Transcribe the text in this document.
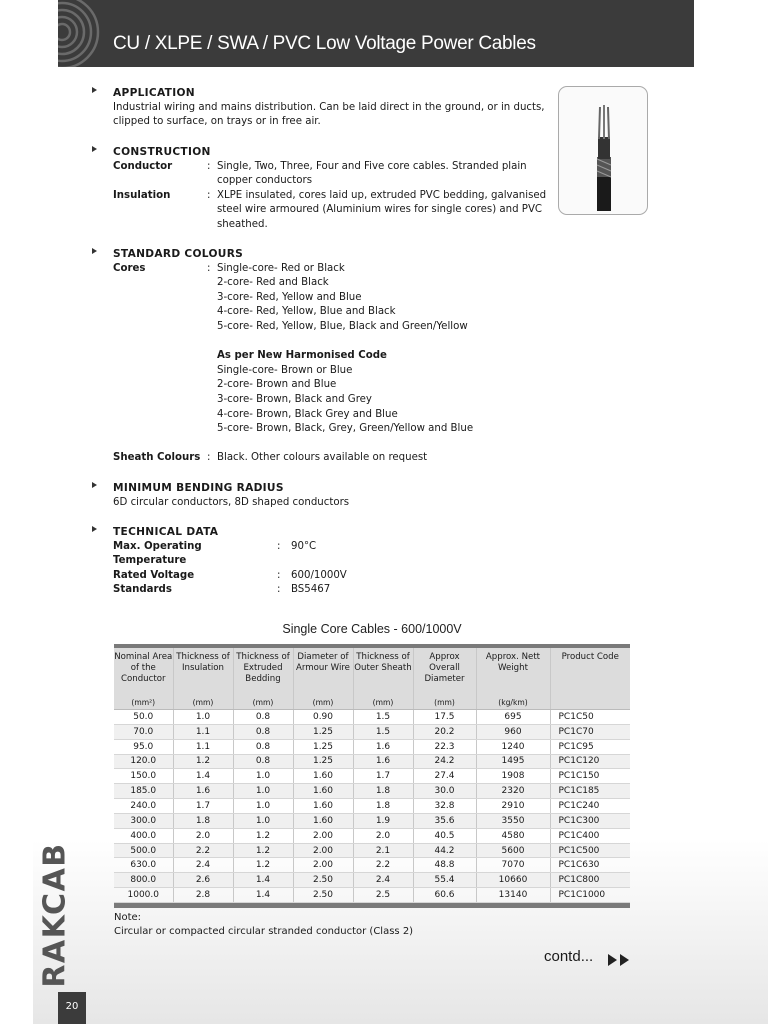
CU / XLPE / SWA / PVC Low Voltage Power Cables
APPLICATION
Industrial wiring and mains distribution. Can be laid direct in the ground, or in ducts,
clipped to surface, on trays or in free air.
CONSTRUCTION
Conductor	: Single, Two, Three, Four and Five core cables. Stranded plain copper conductors
Insulation	: XLPE insulated, cores laid up, extruded PVC bedding, galvanised steel wire armoured (Aluminium wires for single cores) and PVC sheathed.
STANDARD COLOURS
Cores	: Single-core- Red or Black
2-core- Red and Black
3-core- Red, Yellow and Blue
4-core- Red, Yellow, Blue and Black
5-core- Red, Yellow, Blue, Black and Green/Yellow
As per New Harmonised Code
Single-core- Brown or Blue
2-core- Brown and Blue
3-core- Brown, Black and Grey
4-core- Brown, Black Grey and Blue
5-core- Brown, Black, Grey, Green/Yellow and Blue
Sheath Colours : Black. Other colours available on request
MINIMUM BENDING RADIUS
6D circular conductors, 8D shaped conductors
TECHNICAL DATA
Max. Operating Temperature
:	90°C
Rated Voltage	:	600/1000V
Standards	:	BS5467
Single Core Cables - 600/1000V
Nominal Area of the Conductor	Thickness of Insulation	Thickness of Extruded Bedding	Diameter of Armour Wire	Thickness of Outer Sheath	Approx Overall Diameter	Approx. Nett Weight	Product Code
(mm²)	(mm)	(mm)	(mm)	(mm)	(mm)	(kg/km)	
50.0	1.0	0.8	0.90	1.5	17.5	695	PC1C50
70.0	1.1	0.8	1.25	1.5	20.2	960	PC1C70
95.0	1.1	0.8	1.25	1.6	22.3	1240	PC1C95
120.0	1.2	0.8	1.25	1.6	24.2	1495	PC1C120
150.0	1.4	1.0	1.60	1.7	27.4	1908	PC1C150
185.0	1.6	1.0	1.60	1.8	30.0	2320	PC1C185
240.0	1.7	1.0	1.60	1.8	32.8	2910	PC1C240
300.0	1.8	1.0	1.60	1.9	35.6	3550	PC1C300
400.0	2.0	1.2	2.00	2.0	40.5	4580	PC1C400
500.0	2.2	1.2	2.00	2.1	44.2	5600	PC1C500
630.0	2.4	1.2	2.00	2.2	48.8	7070	PC1C630
800.0	2.6	1.4	2.50	2.4	55.4	10660	PC1C800
1000.0	2.8	1.4	2.50	2.5	60.6	13140	PC1C1000
Note:
Circular or compacted circular stranded conductor (Class 2)
contd...
RAKCAB
20
